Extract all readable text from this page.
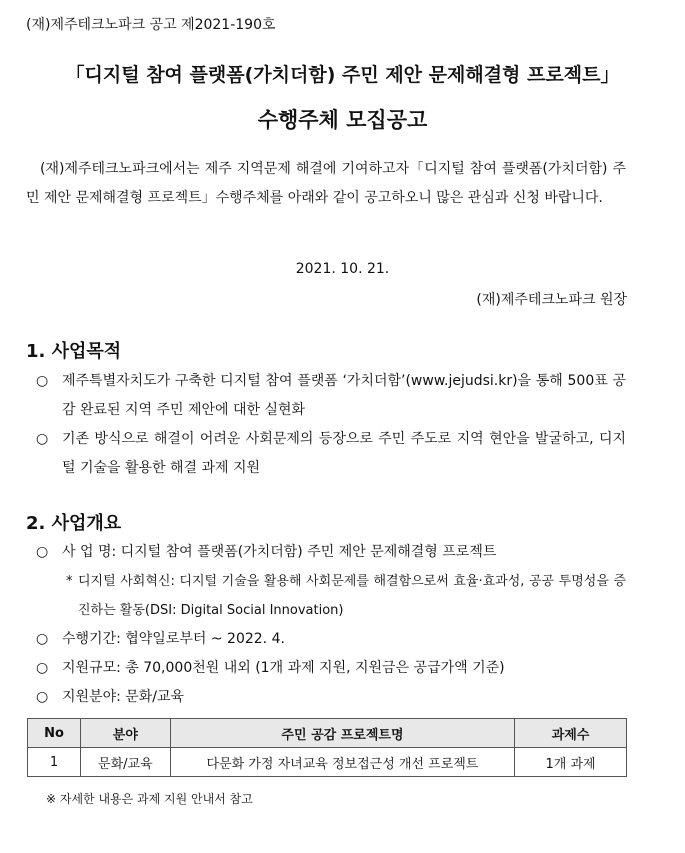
(재)제주테크노파크 공고 제2021-190호
「디지털 참여 플랫폼(가치더함) 주민 제안 문제해결형 프로젝트」
수행주체 모집공고
(재)제주테크노파크에서는 제주 지역문제 해결에 기여하고자「디지털 참여 플랫폼(가치더함) 주민 제안 문제해결형 프로젝트」수행주체를 아래와 같이 공고하오니 많은 관심과 신청 바랍니다.
2021. 10. 21.
(재)제주테크노파크 원장
1. 사업목적
○ 제주특별자치도가 구축한 디지털 참여 플랫폼 ‘가치더함’(www.jejudsi.kr)을 통해 500표 공감 완료된 지역 주민 제안에 대한 실현화
○ 기존 방식으로 해결이 어려운 사회문제의 등장으로 주민 주도로 지역 현안을 발굴하고, 디지털 기술을 활용한 해결 과제 지원
2. 사업개요
○ 사 업 명: 디지털 참여 플랫폼(가치더함) 주민 제안 문제해결형 프로젝트
* 디지털 사회혁신: 디지털 기술을 활용해 사회문제를 해결함으로써 효율·효과성, 공공 투명성을 증진하는 활동(DSI: Digital Social Innovation)
○ 수행기간: 협약일로부터 ~ 2022. 4.
○ 지원규모: 총 70,000천원 내외 (1개 과제 지원, 지원금은 공급가액 기준)
○ 지원분야: 문화/교육
No	분야	주민 공감 프로젝트명	과제수
1	문화/교육	다문화 가정 자녀교육 정보접근성 개선 프로젝트	1개 과제
※ 자세한 내용은 과제 지원 안내서 참고
